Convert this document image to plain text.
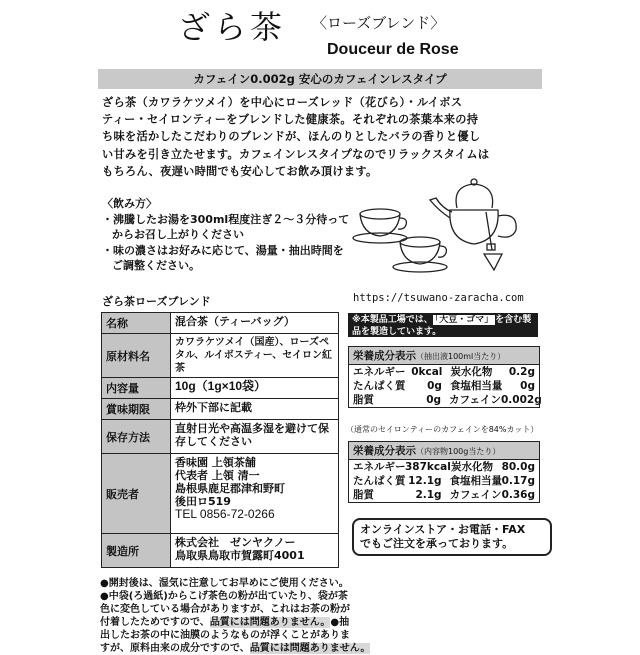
ざら茶 〈ローズブレンド〉
Douceur de Rose
カフェイン0.002g 安心のカフェインレスタイプ
ざら茶（カワラケツメイ）を中心にローズレッド（花びら）・ルイボス
ティー・セイロンティーをブレンドした健康茶。それぞれの茶葉本来の持
ち味を活かしたこだわりのブレンドが、ほんのりとしたバラの香りと優し
い甘みを引き立たせます。カフェインレスタイプなのでリラックスタイムは
もちろん、夜遅い時間でも安心してお飲み頂けます。
〈飲み方〉
・沸騰したお湯を300ml程度注ぎ２～３分待ってからお召し上がりください
・味の濃さはお好みに応じて、湯量・抽出時間をご調整ください。
ざら茶ローズブレンド	https://tsuwano-zaracha.com
名称	混合茶（ティーバッグ）
原材料名	カワラケツメイ（国産）、ローズペタル、ルイボスティー、セイロン紅茶
内容量	10g（1g×10袋）
賞味期限	枠外下部に記載
保存方法	直射日光や高温多湿を避けて保存してください
販売者	香味園 上領茶舗
代表者 上領 清一
島根県鹿足郡津和野町
後田ロ519
TEL 0856-72-0266

製造所	株式会社　ゼンヤクノー
鳥取県鳥取市賀露町4001
※本製品工場では、 「大豆・ゴマ」 を含む製品を製造しています。
栄養成分表示（抽出液100ml当たり）
エネルギー 0kcal 炭水化物	0.2g
たんぱく質	0g 食塩相当量	0g
脂質	0g カフェイン 0.002g
（通常のセイロンティーのカフェインを84%カット）
栄養成分表示（内容物100g当たり）
エネルギー 387kcal 炭水化物 80.0g
たんぱく質 12.1g 食塩相当量 0.17g
脂質	2.1g カフェイン 0.36g
オンラインストア・お電話・FAX
でもご注文を承っております。
●開封後は、湿気に注意してお早めにご使用ください。
●中袋(ろ過紙)からこげ茶色の粉が出ていたり、袋が茶
色に変色している場合がありますが、これはお茶の粉が
付着したためですので、品質には問題ありません。●抽
出したお茶の中に油膜のようなものが浮くことがありま
すが、原料由来の成分ですので、品質には問題ありません。
